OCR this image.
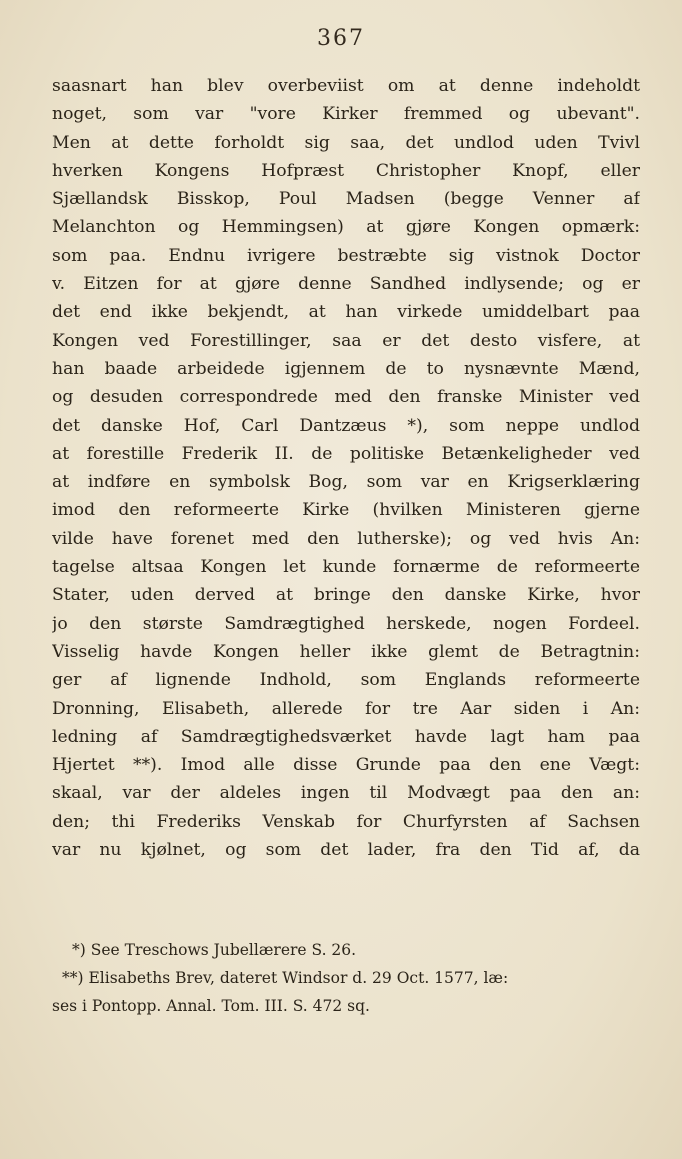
367
saasnart han blev overbeviist om at denne indeholdt
noget, som var "vore Kirker fremmed og ubevant".
Men at dette forholdt sig saa, det undlod uden Tvivl
hverken Kongens Hofpræst Christopher Knopf, eller
Sjællandsk Bisskop, Poul Madsen (begge Venner af
Melanchton og Hemmingsen) at gjøre Kongen opmærk:
som paa. Endnu ivrigere bestræbte sig vistnok Doctor
v. Eitzen for at gjøre denne Sandhed indlysende; og er
det end ikke bekjendt, at han virkede umiddelbart paa
Kongen ved Forestillinger, saa er det desto visfere, at
han baade arbeidede igjennem de to nysnævnte Mænd,
og desuden correspondrede med den franske Minister ved
det danske Hof, Carl Dantzæus *), som neppe undlod
at forestille Frederik II. de politiske Betænkeligheder ved
at indføre en symbolsk Bog, som var en Krigserklæring
imod den reformeerte Kirke (hvilken Ministeren gjerne
vilde have forenet med den lutherske); og ved hvis An:
tagelse altsaa Kongen let kunde fornærme de reformeerte
Stater, uden derved at bringe den danske Kirke, hvor
jo den største Samdrægtighed herskede, nogen Fordeel.
Visselig havde Kongen heller ikke glemt de Betragtnin:
ger af lignende Indhold, som Englands reformeerte
Dronning, Elisabeth, allerede for tre Aar siden i An:
ledning af Samdrægtighedsværket havde lagt ham paa
Hjertet **). Imod alle disse Grunde paa den ene Vægt:
skaal, var der aldeles ingen til Modvægt paa den an:
den; thi Frederiks Venskab for Churfyrsten af Sachsen
var nu kjølnet, og som det lader, fra den Tid af, da
*) See Treschows Jubellærere S. 26.
**) Elisabeths Brev, dateret Windsor d. 29 Oct. 1577, læ:
ses i Pontopp. Annal. Tom. III. S. 472 sq.
